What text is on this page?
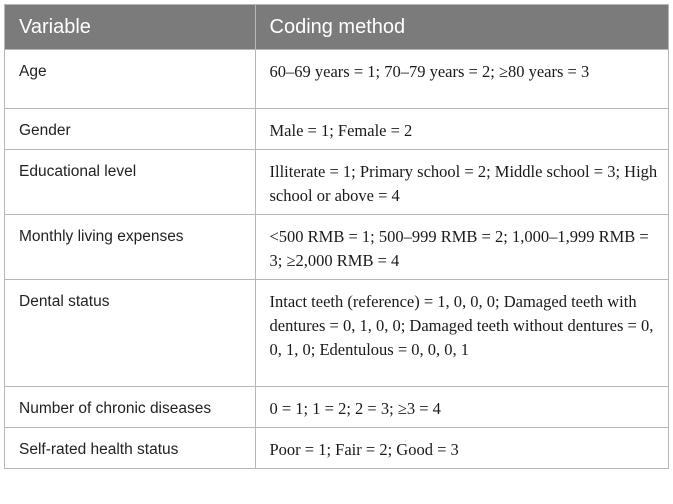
Variable	Coding method
Age	60–69 years = 1; 70–79 years = 2; ≥80 years = 3
Gender	Male = 1; Female = 2
Educational level	Illiterate = 1; Primary school = 2; Middle school = 3; High school or above = 4
Monthly living expenses	<500 RMB = 1; 500–999 RMB = 2; 1,000–1,999 RMB = 3; ≥2,000 RMB = 4
Dental status	Intact teeth (reference) = 1, 0, 0, 0; Damaged teeth with dentures = 0, 1, 0, 0; Damaged teeth without dentures = 0, 0, 1, 0; Edentulous = 0, 0, 0, 1
Number of chronic diseases	0 = 1; 1 = 2; 2 = 3; ≥3 = 4
Self-rated health status	Poor = 1; Fair = 2; Good = 3
